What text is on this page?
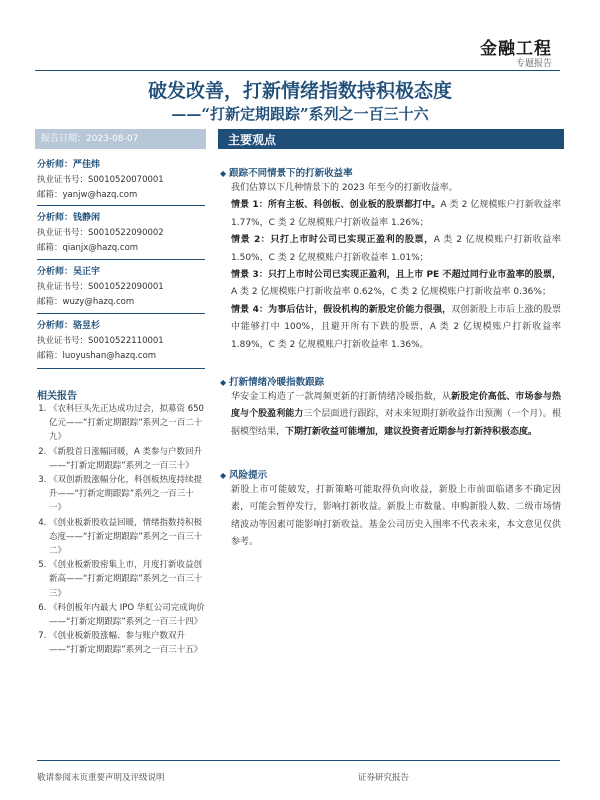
金融工程
专题报告
破发改善，打新情绪指数持积极态度
——“打新定期跟踪”系列之一百三十六
报告日期：2023-08-07	主要观点
分析师：严佳炜
执业证书号：S0010520070001
邮箱：yanjw@hazq.com
分析师：钱静闲
执业证书号：S0010522090002
邮箱：qianjx@hazq.com
分析师：吴正宇
执业证书号：S0010522090001
邮箱：wuzy@hazq.com
分析师：骆昱杉
执业证书号：S0010522110001
邮箱：luoyushan@hazq.com
相关报告
1. 《农科巨头先正达成功过会，拟募资 650 亿元——“打新定期跟踪”系列之一百二十九》
2. 《新股首日涨幅回暖，A 类参与户数回升——“打新定期跟踪”系列之一百三十》
3. 《双创新股涨幅分化，科创板热度持续提升——“打新定期跟踪”系列之一百三十一》
4. 《创业板新股收益回暖，情绪指数持积极态度——“打新定期跟踪”系列之一百三十二》
5. 《创业板新股密集上市，月度打新收益创新高——“打新定期跟踪”系列之一百三十三》
6. 《科创板年内最大 IPO 华虹公司完成询价——“打新定期跟踪”系列之一百三十四》
7. 《创业板新股涨幅、参与账户数双升——“打新定期跟踪”系列之一百三十五》
◆ 跟踪不同情景下的打新收益率
我们估算以下几种情景下的 2023 年至今的打新收益率。
情景 1：所有主板、科创板、创业板的股票都打中。A 类 2 亿规模账户打新收益率 1.77%，C 类 2 亿规模账户打新收益率 1.26%；
情景 2：只打上市时公司已实现正盈利的股票，A 类 2 亿规模账户打新收益率 1.50%，C 类 2 亿规模账户打新收益率 1.01%；
情景 3：只打上市时公司已实现正盈利，且上市 PE 不超过同行业市盈率的股票，A 类 2 亿规模账户打新收益率 0.62%，C 类 2 亿规模账户打新收益率 0.36%；
情景 4：为事后估计，假设机构的新股定价能力很强，双创新股上市后上涨的股票中能够打中 100%，且避开所有下跌的股票，A 类 2 亿规模账户打新收益率 1.89%，C 类 2 亿规模账户打新收益率 1.36%。
◆ 打新情绪冷暖指数跟踪
华安金工构造了一款周频更新的打新情绪冷暖指数，从新股定价高低、市场参与热度与个股盈利能力三个层面进行跟踪，对未来短期打新收益作出预测（一个月）。根据模型结果，下期打新收益可能增加，建议投资者近期参与打新持积极态度。
◆ 风险提示
新股上市可能破发，打新策略可能取得负向收益，新股上市前面临诸多不确定因素，可能会暂停发行，影响打新收益。新股上市数量、申购新股人数、二级市场情绪波动等因素可能影响打新收益。基金公司历史入围率不代表未来，本文意见仅供参考。
敬请参阅末页重要声明及评级说明	证券研究报告
